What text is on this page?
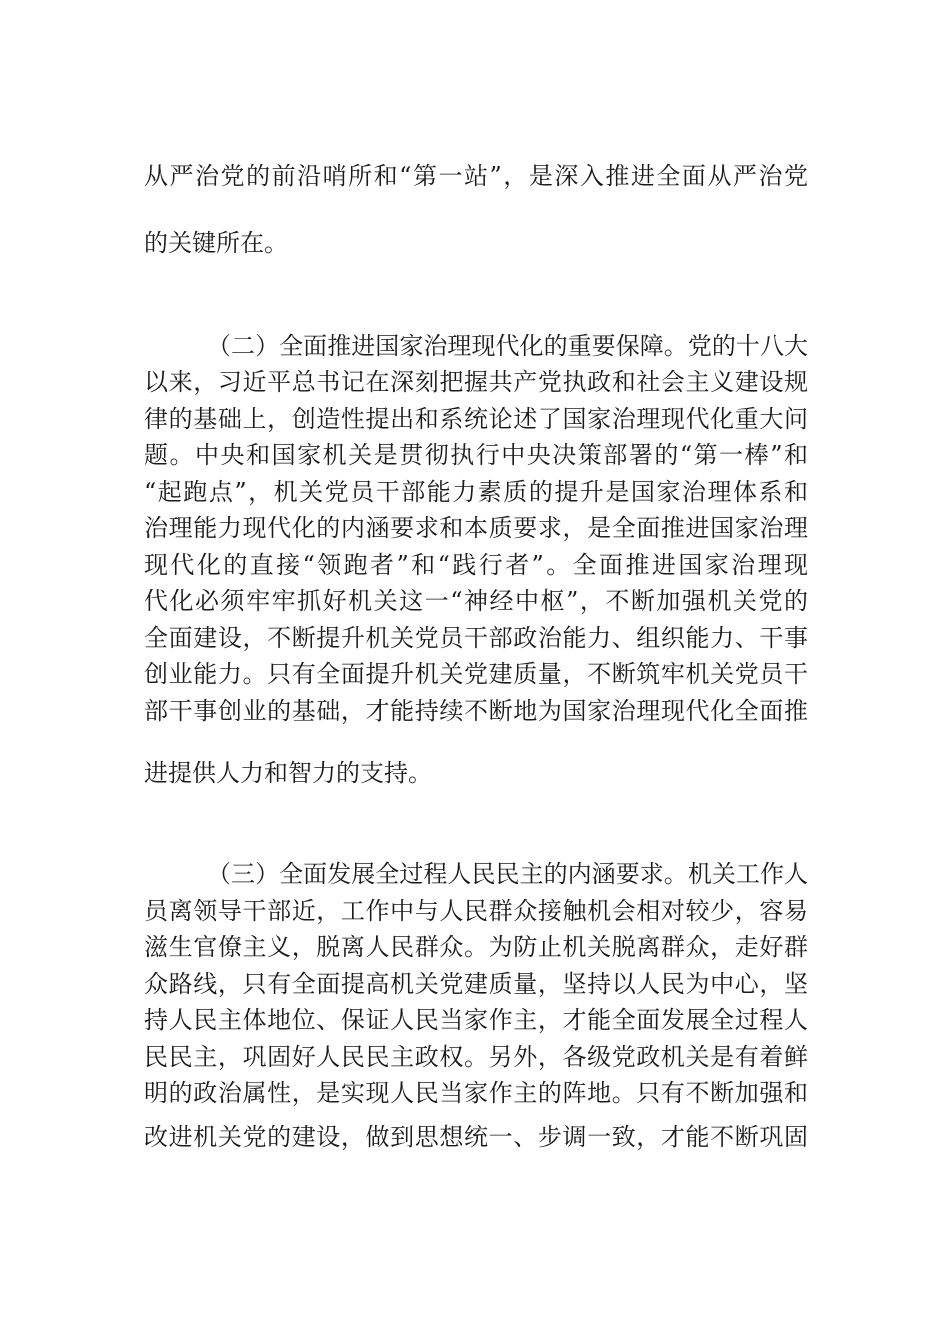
从严治党的前沿哨所和“第一站”，是深入推进全面从严治党
的关键所在。
（二）全面推进国家治理现代化的重要保障。党的十八大
以来，习近平总书记在深刻把握共产党执政和社会主义建设规
律的基础上，创造性提出和系统论述了国家治理现代化重大问
题。中央和国家机关是贯彻执行中央决策部署的“第一棒”和
“起跑点”，机关党员干部能力素质的提升是国家治理体系和
治理能力现代化的内涵要求和本质要求，是全面推进国家治理
现代化的直接“领跑者”和“践行者”。全面推进国家治理现
代化必须牢牢抓好机关这一“神经中枢”，不断加强机关党的
全面建设，不断提升机关党员干部政治能力、组织能力、干事
创业能力。只有全面提升机关党建质量，不断筑牢机关党员干
部干事创业的基础，才能持续不断地为国家治理现代化全面推
进提供人力和智力的支持。
（三）全面发展全过程人民民主的内涵要求。机关工作人
员离领导干部近，工作中与人民群众接触机会相对较少，容易
滋生官僚主义，脱离人民群众。为防止机关脱离群众，走好群
众路线，只有全面提高机关党建质量，坚持以人民为中心，坚
持人民主体地位、保证人民当家作主，才能全面发展全过程人
民民主，巩固好人民民主政权。另外，各级党政机关是有着鲜
明的政治属性，是实现人民当家作主的阵地。只有不断加强和
改进机关党的建设，做到思想统一、步调一致，才能不断巩固
